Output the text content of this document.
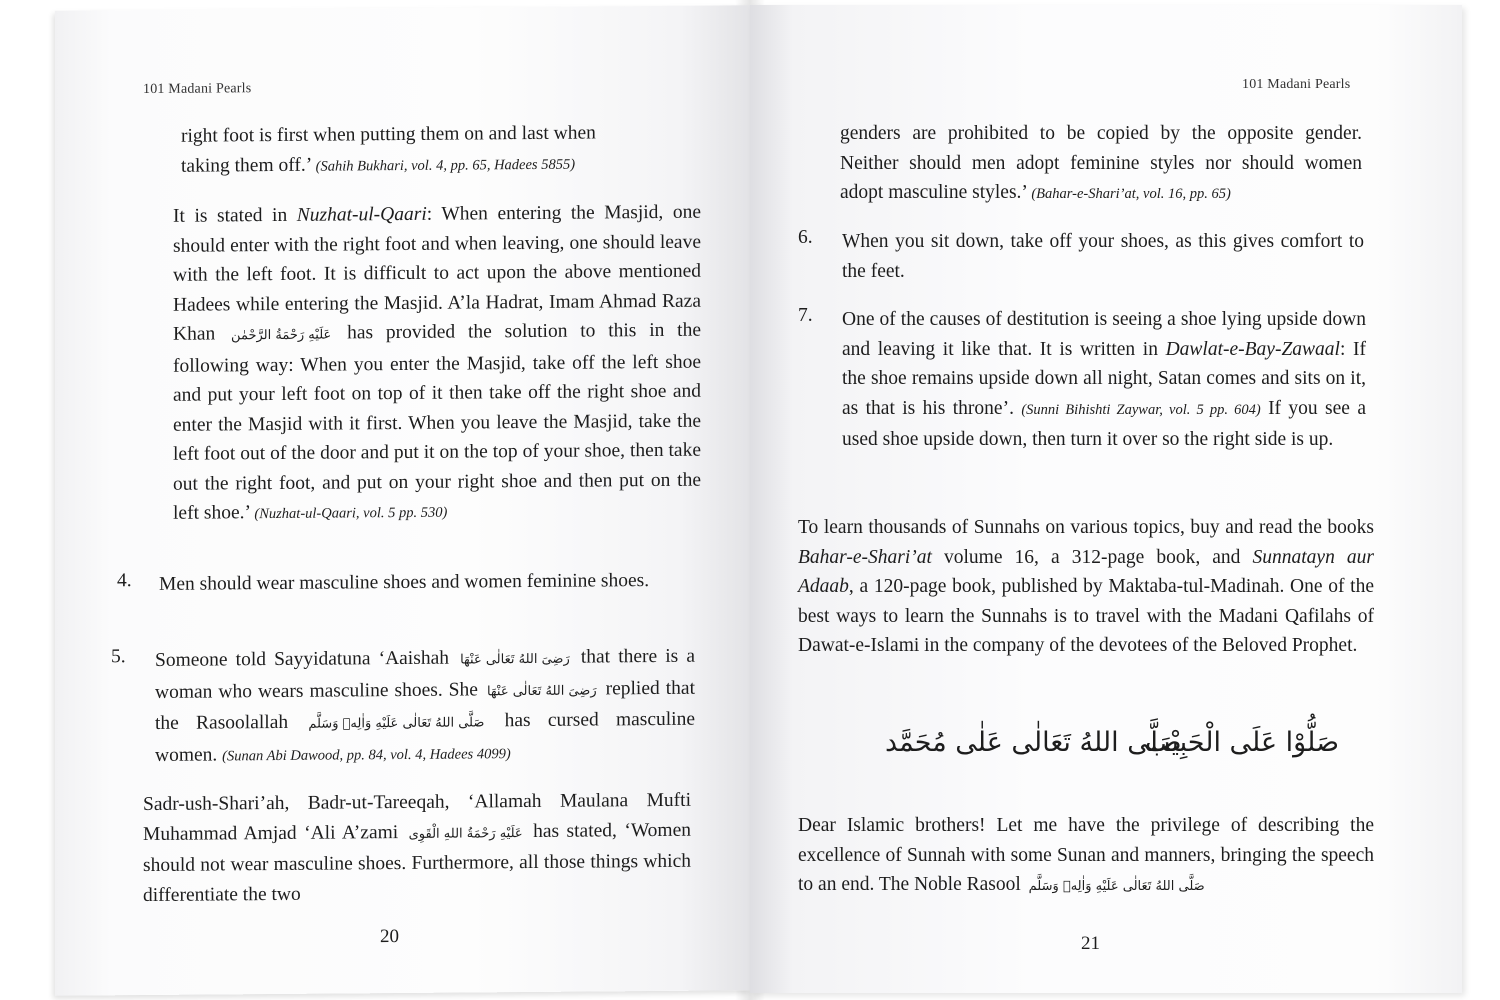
101 Madani Pearls

right foot is first when putting them on and last when
taking them off.’ (Sahih Bukhari, vol. 4, pp. 65, Hadees 5855)

It is stated in Nuzhat-ul-Qaari: When entering the Masjid, one should enter with the right foot and when leaving, one should leave with the left foot. It is difficult to act upon the above mentioned Hadees while entering the Masjid. A’la Hadrat, Imam Ahmad Raza Khan عَلَيْهِ رَحْمَةُ الرَّحْمٰن has provided the solution to this in the following way: When you enter the Masjid, take off the left shoe and put your left foot on top of it then take off the right shoe and enter the Masjid with it first. When you leave the Masjid, take the left foot out of the door and put it on the top of your shoe, then take out the right foot, and put on your right shoe and then put on the left shoe.’ (Nuzhat-ul-Qaari, vol. 5 pp. 530)

4. Men should wear masculine shoes and women feminine shoes.

5. Someone told Sayyidatuna ‘Aaishah رَضِیَ اللهُ تَعَالٰی عَنْهَا that there is a woman who wears masculine shoes. She رَضِیَ اللهُ تَعَالٰی عَنْهَا replied that the Rasoolallah صَلَّى اللهُ تَعَالٰى عَلَيْهِ وَاٰلِهٖ وَسَلَّم has cursed masculine women. (Sunan Abi Dawood, pp. 84, vol. 4, Hadees 4099)

Sadr-ush-Shari’ah, Badr-ut-Tareeqah, ‘Allamah Maulana Mufti Muhammad Amjad ‘Ali A’zami عَلَيْهِ رَحْمَةُ اللهِ الْقَوِى has stated, ‘Women should not wear masculine shoes. Furthermore, all those things which differentiate the two

20
101 Madani Pearls

genders are prohibited to be copied by the opposite gender. Neither should men adopt feminine styles nor should women adopt masculine styles.’ (Bahar-e-Shari’at, vol. 16, pp. 65)

6. When you sit down, take off your shoes, as this gives comfort to the feet.

7. One of the causes of destitution is seeing a shoe lying upside down and leaving it like that. It is written in Dawlat-e-Bay-Zawaal: If the shoe remains upside down all night, Satan comes and sits on it, as that is his throne’. (Sunni Bihishti Zaywar, vol. 5 pp. 604) If you see a used shoe upside down, then turn it over so the right side is up.

To learn thousands of Sunnahs on various topics, buy and read the books Bahar-e-Shari’at volume 16, a 312-page book, and Sunnatayn aur Adaab, a 120-page book, published by Maktaba-tul-Madinah. One of the best ways to learn the Sunnahs is to travel with the Madani Qafilahs of Dawat-e-Islami in the company of the devotees of the Beloved Prophet.

صَلُّوْا عَلَى الْحَبِيْب
صَلَّى اللهُ تَعَالٰى عَلٰى مُحَمَّد

Dear Islamic brothers! Let me have the privilege of describing the excellence of Sunnah with some Sunan and manners, bringing the speech to an end. The Noble Rasool صَلَّى اللهُ تَعَالٰى عَلَيْهِ وَاٰلِهٖ وَسَلَّم

21
